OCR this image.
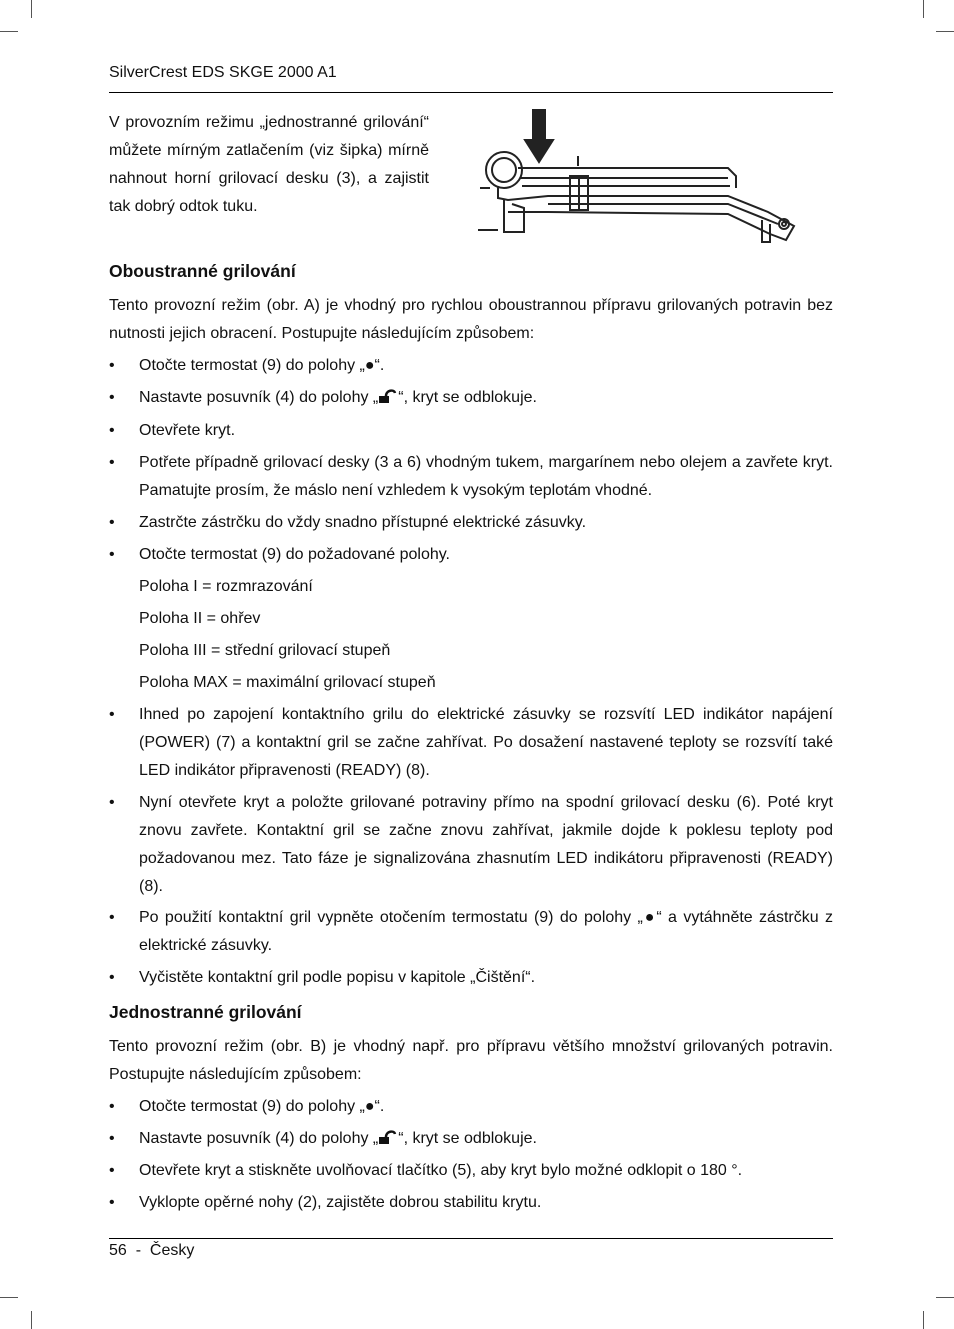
SilverCrest EDS SKGE 2000 A1
V provozním režimu „jednostranné grilování“ můžete mírným zatlačením (viz šipka) mírně nahnout horní grilovací desku (3), a zajistit tak dobrý odtok tuku.
Oboustranné grilování
Tento provozní režim (obr. A) je vhodný pro rychlou oboustrannou přípravu grilovaných potravin bez nutnosti jejich obracení. Postupujte následujícím způsobem:
•	Otočte termostat (9) do polohy „●“.
•	Nastavte posuvník (4) do polohy „ “, kryt se odblokuje.
•	Otevřete kryt.
•	Potřete případně grilovací desky (3 a 6) vhodným tukem, margarínem nebo olejem a zavřete kryt. Pamatujte prosím, že máslo není vzhledem k vysokým teplotám vhodné.
•	Zastrčte zástrčku do vždy snadno přístupné elektrické zásuvky.
•	Otočte termostat (9) do požadované polohy.
Poloha I = rozmrazování
Poloha II = ohřev
Poloha III = střední grilovací stupeň
Poloha MAX = maximální grilovací stupeň
•	Ihned po zapojení kontaktního grilu do elektrické zásuvky se rozsvítí LED indikátor napájení (POWER) (7) a kontaktní gril se začne zahřívat. Po dosažení nastavené teploty se rozsvítí také LED indikátor připravenosti (READY) (8).
•	Nyní otevřete kryt a položte grilované potraviny přímo na spodní grilovací desku (6). Poté kryt znovu zavřete. Kontaktní gril se začne znovu zahřívat, jakmile dojde k poklesu teploty pod požadovanou mez. Tato fáze je signalizována zhasnutím LED indikátoru připravenosti (READY) (8).
•	Po použití kontaktní gril vypněte otočením termostatu (9) do polohy „●“ a vytáhněte zástrčku z elektrické zásuvky.
•	Vyčistěte kontaktní gril podle popisu v kapitole „Čištění“.
Jednostranné grilování
Tento provozní režim (obr. B) je vhodný např. pro přípravu většího množství grilovaných potravin. Postupujte následujícím způsobem:
•	Otočte termostat (9) do polohy „●“.
•	Nastavte posuvník (4) do polohy „ “, kryt se odblokuje.
•	Otevřete kryt a stiskněte uvolňovací tlačítko (5), aby kryt bylo možné odklopit o 180 °.
•	Vyklopte opěrné nohy (2), zajistěte dobrou stabilitu krytu.
56  -  Česky
